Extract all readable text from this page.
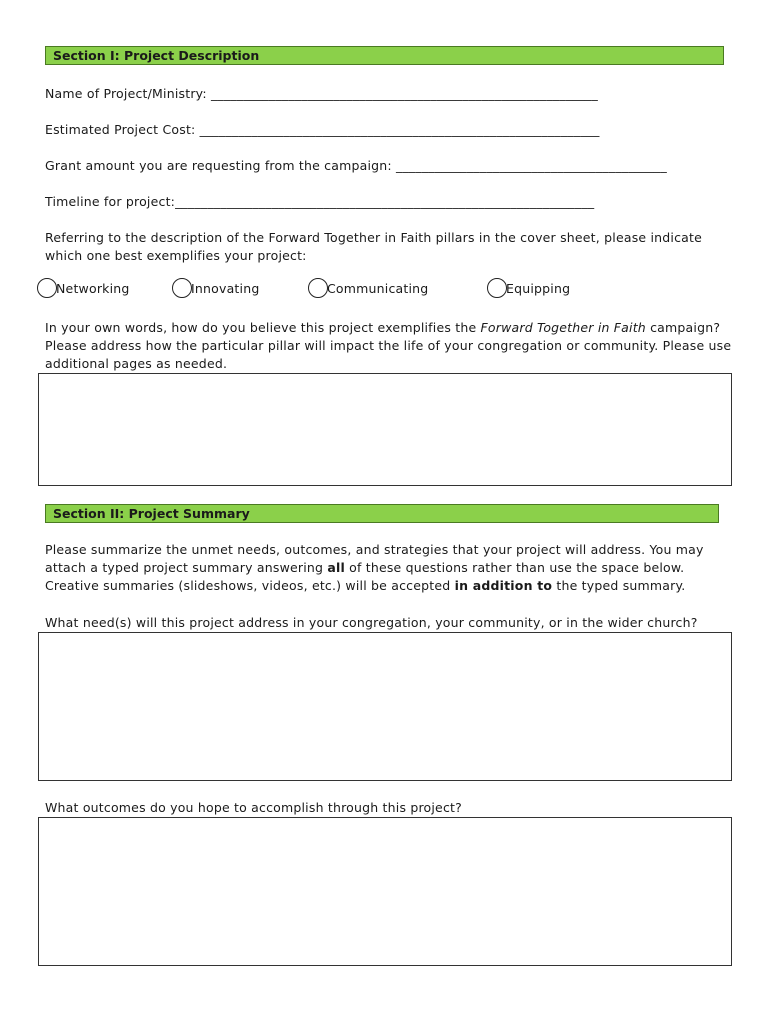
Section I: Project Description
Name of Project/Ministry: ____________________________________________________________
Estimated Project Cost: ______________________________________________________________
Grant amount you are requesting from the campaign: __________________________________________
Timeline for project:_________________________________________________________________
Referring to the description of the Forward Together in Faith pillars in the cover sheet, please indicate which one best exemplifies your project:
Networking	Innovating	Communicating	Equipping
In your own words, how do you believe this project exemplifies the Forward Together in Faith campaign? Please address how the particular pillar will impact the life of your congregation or community. Please use additional pages as needed.
Section II: Project Summary
Please summarize the unmet needs, outcomes, and strategies that your project will address. You may attach a typed project summary answering all of these questions rather than use the space below. Creative summaries (slideshows, videos, etc.) will be accepted in addition to the typed summary.
What need(s) will this project address in your congregation, your community, or in the wider church?
What outcomes do you hope to accomplish through this project?
